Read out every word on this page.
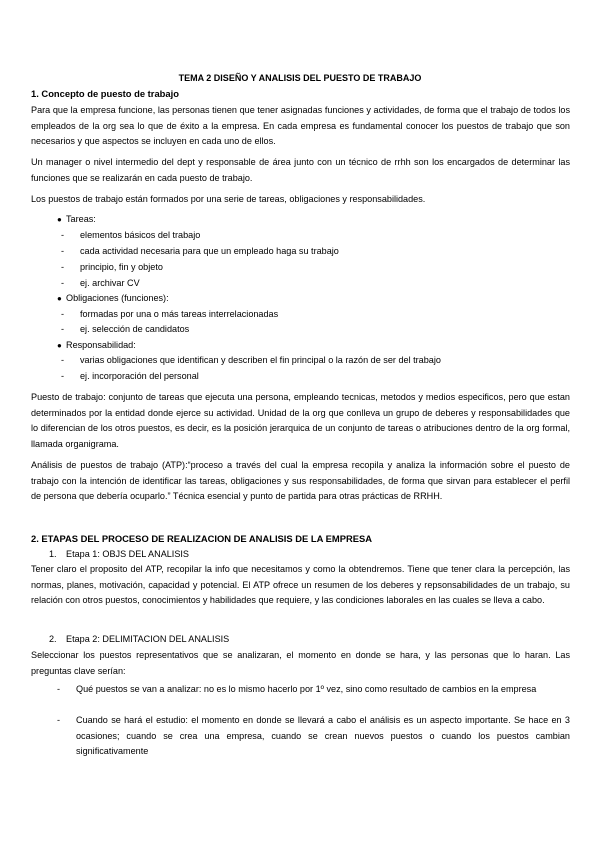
TEMA 2 DISEÑO Y ANALISIS DEL PUESTO DE TRABAJO
1. Concepto de puesto de trabajo
Para que la empresa funcione, las personas tienen que tener asignadas funciones y actividades, de forma que el trabajo de todos los empleados de la org sea lo que de éxito a la empresa. En cada empresa es fundamental conocer los puestos de trabajo que son necesarios y que aspectos se incluyen en cada uno de ellos.
Un manager o nivel intermedio del dept y responsable de área junto con un técnico de rrhh son los encargados de determinar las funciones que se realizarán en cada puesto de trabajo.
Los puestos de trabajo están formados por una serie de tareas, obligaciones y responsabilidades.
● Tareas:
- elementos básicos del trabajo
- cada actividad necesaria para que un empleado haga su trabajo
- principio, fin y objeto
- ej. archivar CV
● Obligaciones (funciones):
- formadas por una o más tareas interrelacionadas
- ej. selección de candidatos
● Responsabilidad:
- varias obligaciones que identifican y describen el fin principal o la razón de ser del trabajo
- ej. incorporación del personal
Puesto de trabajo: conjunto de tareas que ejecuta una persona, empleando tecnicas, metodos y medios especificos, pero que estan determinados por la entidad donde ejerce su actividad. Unidad de la org que conlleva un grupo de deberes y responsabilidades que lo diferencian de los otros puestos, es decir, es la posición jerarquica de un conjunto de tareas o atribuciones dentro de la org formal, llamada organigrama.
Análisis de puestos de trabajo (ATP):“proceso a través del cual la empresa recopila y analiza la información sobre el puesto de trabajo con la intención de identificar las tareas, obligaciones y sus responsabilidades, de forma que sirvan para establecer el perfil de persona que debería ocuparlo.” Técnica esencial y punto de partida para otras prácticas de RRHH.
2. ETAPAS DEL PROCESO DE REALIZACION DE ANALISIS DE LA EMPRESA
1. Etapa 1: OBJS DEL ANALISIS
Tener claro el proposito del ATP, recopilar la info que necesitamos y como la obtendremos. Tiene que tener clara la percepción, las normas, planes, motivación, capacidad y potencial. El ATP ofrece un resumen de los deberes y repsonsabilidades de un trabajo, su relación con otros puestos, conocimientos y habilidades que requiere, y las condiciones laborales en las cuales se lleva a cabo.
2. Etapa 2: DELIMITACION DEL ANALISIS
Seleccionar los puestos representativos que se analizaran, el momento en donde se hara, y las personas que lo haran. Las preguntas clave serían:
- Qué puestos se van a analizar: no es lo mismo hacerlo por 1º vez, sino como resultado de cambios en la empresa
- Cuando se hará el estudio: el momento en donde se llevará a cabo el análisis es un aspecto importante. Se hace en 3 ocasiones; cuando se crea una empresa, cuando se crean nuevos puestos o cuando los puestos cambian significativamente
